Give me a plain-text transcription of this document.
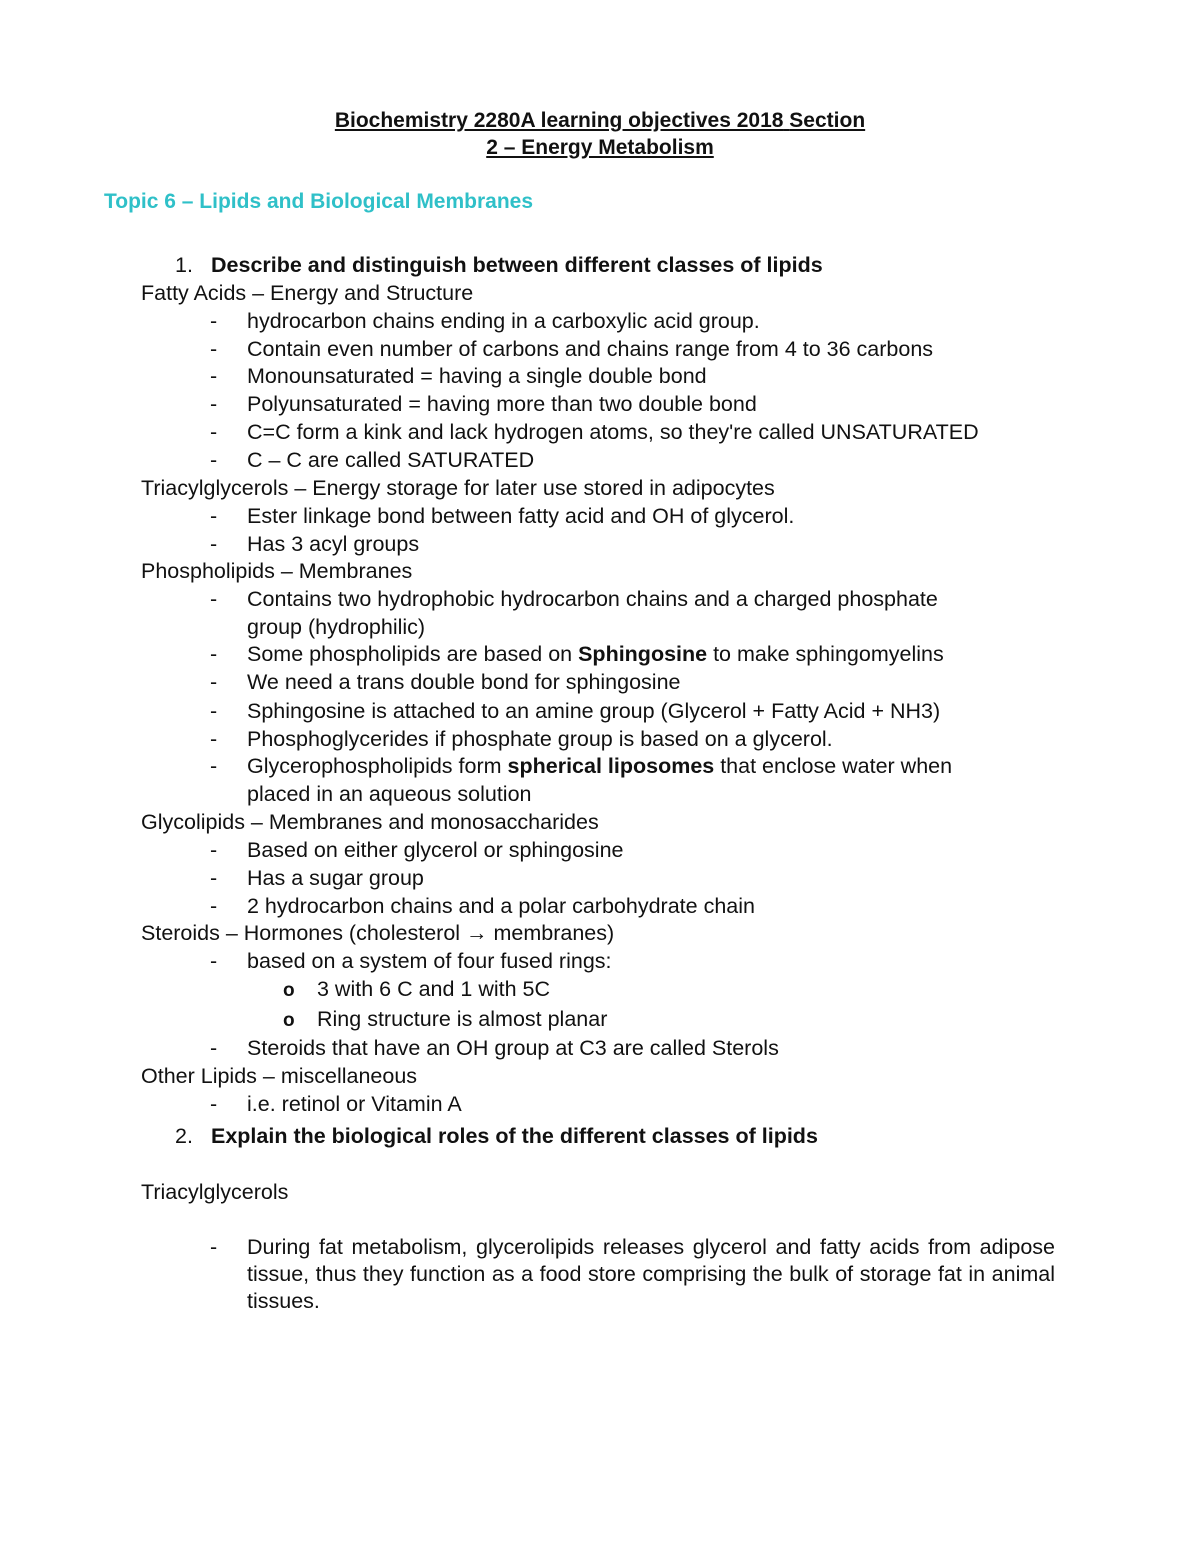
Biochemistry 2280A learning objectives 2018 Section
2 – Energy Metabolism
Topic 6 – Lipids and Biological Membranes
1. Describe and distinguish between different classes of lipids
Fatty Acids – Energy and Structure
- hydrocarbon chains ending in a carboxylic acid group.
- Contain even number of carbons and chains range from 4 to 36 carbons
- Monounsaturated = having a single double bond
- Polyunsaturated = having more than two double bond
- C=C form a kink and lack hydrogen atoms, so they're called UNSATURATED
- C – C are called SATURATED
Triacylglycerols – Energy storage for later use stored in adipocytes
- Ester linkage bond between fatty acid and OH of glycerol.
- Has 3 acyl groups
Phospholipids – Membranes
- Contains two hydrophobic hydrocarbon chains and a charged phosphate
group (hydrophilic)
- Some phospholipids are based on Sphingosine to make sphingomyelins
- We need a trans double bond for sphingosine
- Sphingosine is attached to an amine group (Glycerol + Fatty Acid + NH3)
- Phosphoglycerides if phosphate group is based on a glycerol.
- Glycerophospholipids form spherical liposomes that enclose water when
placed in an aqueous solution
Glycolipids – Membranes and monosaccharides
- Based on either glycerol or sphingosine
- Has a sugar group
- 2 hydrocarbon chains and a polar carbohydrate chain
Steroids – Hormones (cholesterol → membranes)
- based on a system of four fused rings:
o 3 with 6 C and 1 with 5C
o Ring structure is almost planar
- Steroids that have an OH group at C3 are called Sterols
Other Lipids – miscellaneous
- i.e. retinol or Vitamin A
2. Explain the biological roles of the different classes of lipids
Triacylglycerols
- During fat metabolism, glycerolipids releases glycerol and fatty acids from adipose tissue, thus they function as a food store comprising the bulk of storage fat in animal tissues.
